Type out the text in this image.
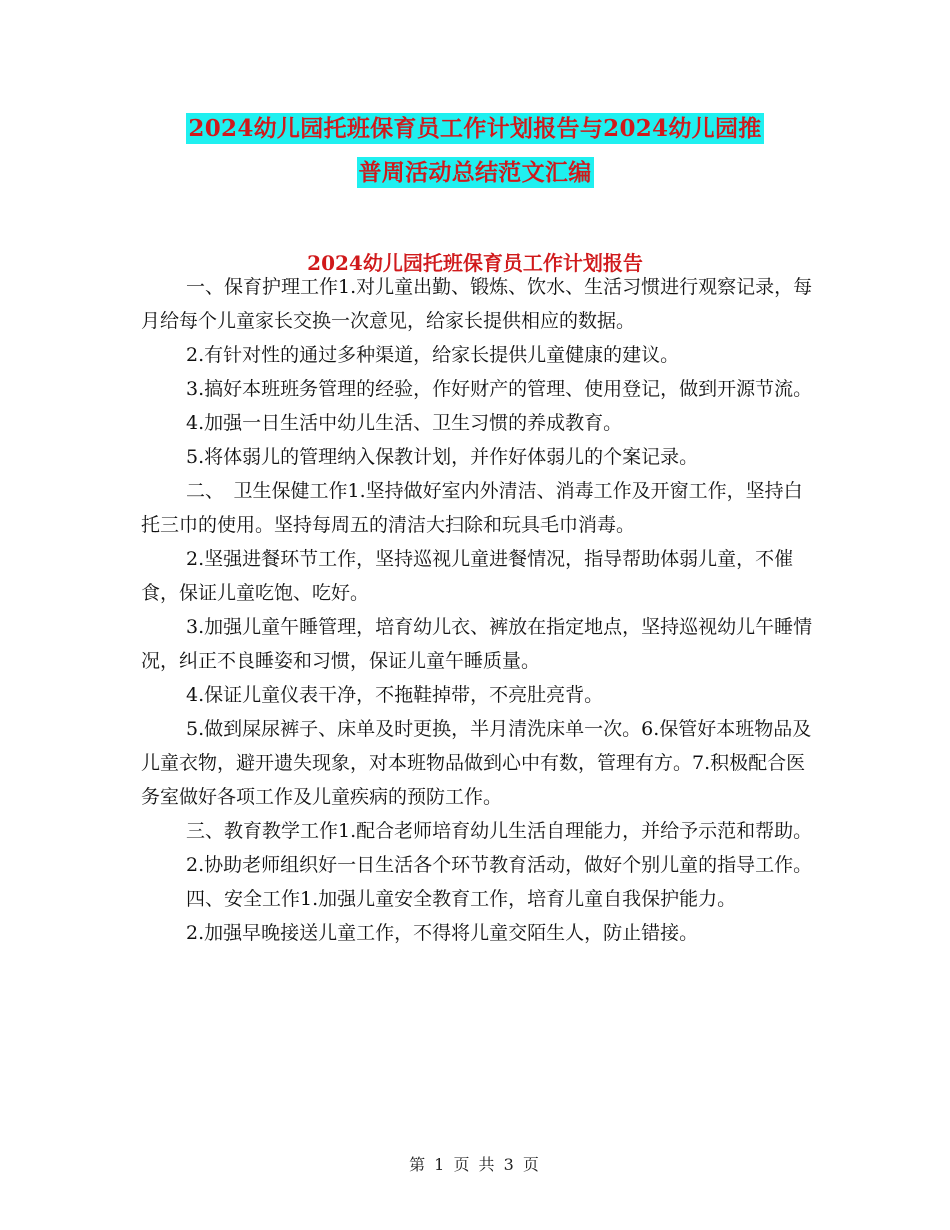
2024幼儿园托班保育员工作计划报告与2024幼儿园推
普周活动总结范文汇编
2024幼儿园托班保育员工作计划报告

一、保育护理工作1.对儿童出勤、锻炼、饮水、生活习惯进行观察记录，每月给每个儿童家长交换一次意见，给家长提供相应的数据。

2.有针对性的通过多种渠道，给家长提供儿童健康的建议。

3.搞好本班班务管理的经验，作好财产的管理、使用登记，做到开源节流。

4.加强一日生活中幼儿生活、卫生习惯的养成教育。

5.将体弱儿的管理纳入保教计划，并作好体弱儿的个案记录。

二、　卫生保健工作1.坚持做好室内外清洁、消毒工作及开窗工作，坚持白托三巾的使用。坚持每周五的清洁大扫除和玩具毛巾消毒。

2.坚强进餐环节工作，坚持巡视儿童进餐情况，指导帮助体弱儿童，不催食，保证儿童吃饱、吃好。

3.加强儿童午睡管理，培育幼儿衣、裤放在指定地点，坚持巡视幼儿午睡情况，纠正不良睡姿和习惯，保证儿童午睡质量。

4.保证儿童仪表干净，不拖鞋掉带，不亮肚亮背。

5.做到屎尿裤子、床单及时更换，半月清洗床单一次。6.保管好本班物品及儿童衣物，避开遗失现象，对本班物品做到心中有数，管理有方。7.积极配合医务室做好各项工作及儿童疾病的预防工作。

三、教育教学工作1.配合老师培育幼儿生活自理能力，并给予示范和帮助。

2.协助老师组织好一日生活各个环节教育活动，做好个别儿童的指导工作。

四、安全工作1.加强儿童安全教育工作，培育儿童自我保护能力。

2.加强早晚接送儿童工作，不得将儿童交陌生人，防止错接。

第 1 页 共 3 页
